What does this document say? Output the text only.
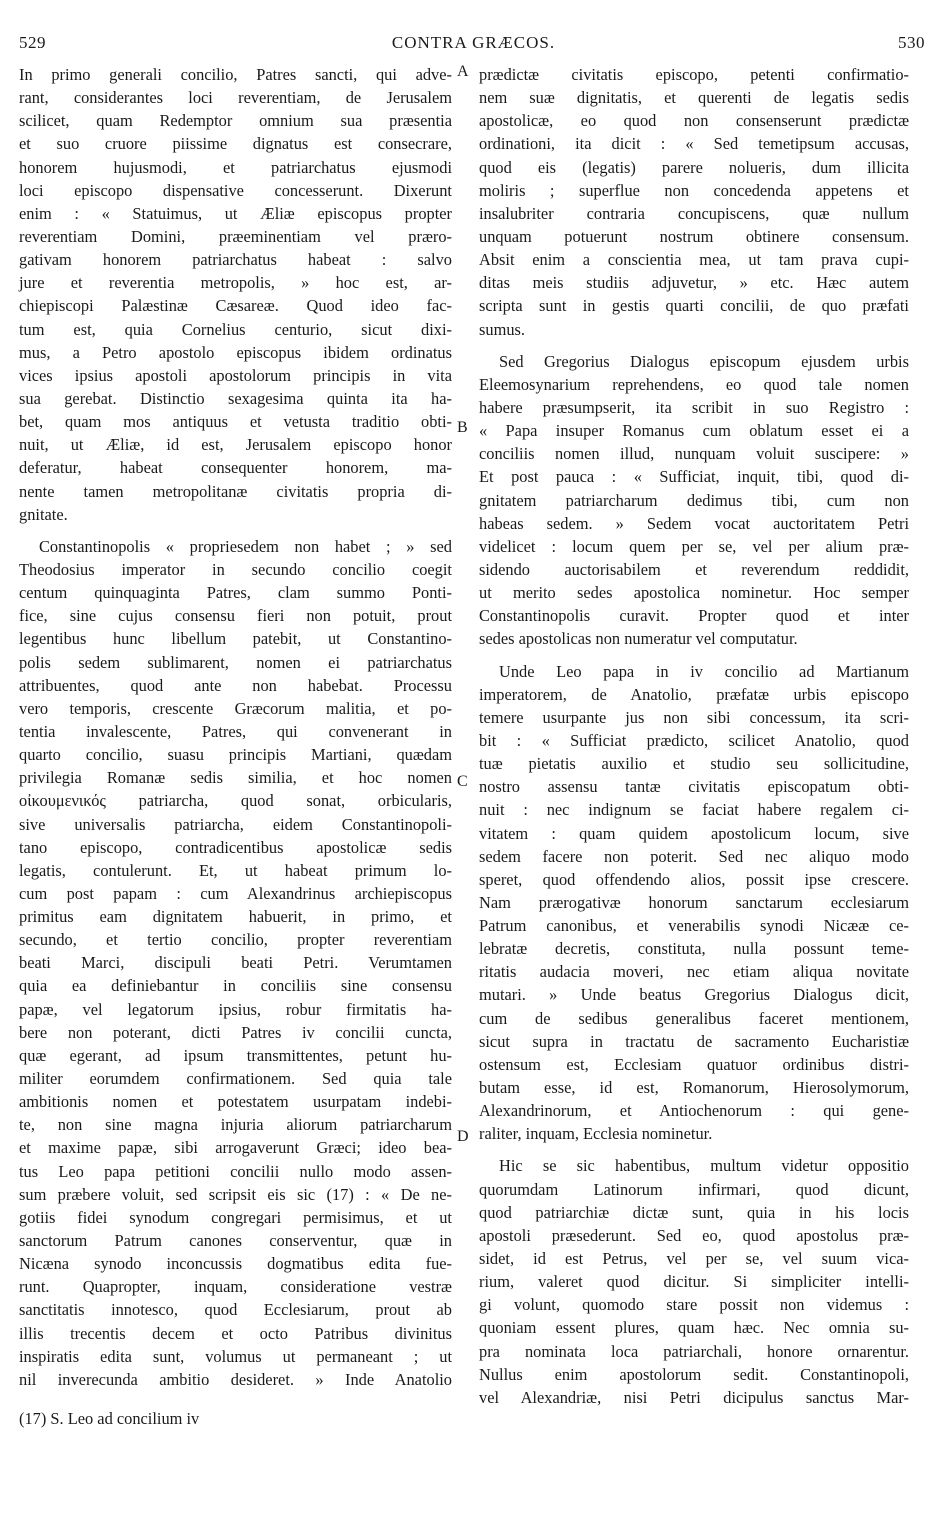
529	CONTRA GRÆCOS.	530
In primo generali concilio, Patres sancti, qui adve-
rant, considerantes loci reverentiam, de Jerusalem
scilicet, quam Redemptor omnium sua præsentia
et suo cruore piissime dignatus est consecrare,
honorem hujusmodi, et patriarchatus ejusmodi
loci episcopo dispensative concesserunt. Dixerunt
enim : « Statuimus, ut Æliæ episcopus propter
reverentiam Domini, præeminentiam vel prærо-
gativam honorem patriarchatus habeat : salvo
jure et reverentia metropolis, » hoc est, ar-
chiepiscopi Palæstinæ Cæsareæ. Quod ideo fac-
tum est, quia Cornelius centurio, sicut dixi-
mus, a Petro apostolo episcopus ibidem ordinatus
vices ipsius apostoli apostolorum principis in vita
sua gerebat. Distinctio sexagesima quinta ita ha-
bet, quam mos antiquus et vetusta traditio obti-
nuit, ut Æliæ, id est, Jerusalem episcopo honor
deferatur, habeat consequenter honorem, ma-
nente tamen metropolitanæ civitatis propria di-
gnitate.
Constantinopolis « propriesedem non habet ; » sed
Theodosius imperator in secundo concilio coegit
centum quinquaginta Patres, clam summo Ponti-
fice, sine cujus consensu fieri non potuit, prout
legentibus hunc libellum patebit, ut Constantino-
polis sedem sublimarent, nomen ei patriarchatus
attribuentes, quod ante non habebat. Processu
vero temporis, crescente Græcorum malitia, et po-
tentia invalescente, Patres, qui convenerant in
quarto concilio, suasu principis Martiani, quædam
privilegia Romanæ sedis similia, et hoc nomen
οἰκουμενικός patriarcha, quod sonat, orbicularis,
sive universalis patriarcha, eidem Constantinopoli-
tano episcopo, contradicentibus apostolicæ sedis
legatis, contulerunt. Et, ut habeat primum lo-
cum post papam : cum Alexandrinus archiepiscopus
primitus eam dignitatem habuerit, in primo, et
secundo, et tertio concilio, propter reverentiam
beati Marci, discipuli beati Petri. Verumtamen
quia ea definiebantur in conciliis sine consensu
papæ, vel legatorum ipsius, robur firmitatis ha-
bere non poterant, dicti Patres iv concilii cuncta,
quæ egerant, ad ipsum transmittentes, petunt hu-
militer eorumdem confirmationem. Sed quia tale
ambitionis nomen et potestatem usurpatam indebi-
te, non sine magna injuria aliorum patriarcharum
et maxime papæ, sibi arrogaverunt Græci; ideo bea-
tus Leo papa petitioni concilii nullo modo assen-
sum præbere voluit, sed scripsit eis sic (17) : « De ne-
gotiis fidei synodum congregari permisimus, et ut
sanctorum Patrum canones conserventur, quæ in
Nicæna synodo inconcussis dogmatibus edita fue-
runt. Quapropter, inquam, consideratione vestræ
sanctitatis innotesco, quod Ecclesiarum, prout ab
illis trecentis decem et octo Patribus divinitus
inspiratis edita sunt, volumus ut permaneant ; ut
nil inverecunda ambitio desideret. » Inde Anatolio
prædictæ civitatis episcopo, petenti confirmatio-
nem suæ dignitatis, et querenti de legatis sedis
apostolicæ, eo quod non consenserunt prædictæ
ordinationi, ita dicit : « Sed temetipsum accusas,
quod eis (legatis) parere nolueris, dum illicita
moliris ; superflue non concedenda appetens et
insalubriter contraria concupiscens, quæ nullum
unquam potuerunt nostrum obtinere consensum.
Absit enim a conscientia mea, ut tam prava cupi-
ditas meis studiis adjuvetur, » etc. Hæc autem
scripta sunt in gestis quarti concilii, de quo præfati
sumus.
Sed Gregorius Dialogus episcopum ejusdem urbis
Eleemosynarium reprehendens, eo quod tale nomen
habere præsumpserit, ita scribit in suo Registro :
« Papa insuper Romanus cum oblatum esset ei a
conciliis nomen illud, nunquam voluit suscipere: »
Et post pauca : « Sufficiat, inquit, tibi, quod di-
gnitatem patriarcharum dedimus tibi, cum non
habeas sedem. » Sedem vocat auctoritatem Petri
videlicet : locum quem per se, vel per alium præ-
sidendo auctorisabilem et reverendum reddidit,
ut merito sedes apostolica nominetur. Hoc semper
Constantinopolis curavit. Propter quod et inter
sedes apostolicas non numeratur vel computatur.
Unde Leo papa in iv concilio ad Martianum
imperatorem, de Anatolio, præfatæ urbis episcopo
temere usurpante jus non sibi concessum, ita scri-
bit : « Sufficiat prædicto, scilicet Anatolio, quod
tuæ pietatis auxilio et studio seu sollicitudine,
nostro assensu tantæ civitatis episcopatum obti-
nuit : nec indignum se faciat habere regalem ci-
vitatem : quam quidem apostolicum locum, sive
sedem facere non poterit. Sed nec aliquo modo
speret, quod offendendo alios, possit ipse crescere.
Nam prærogativæ honorum sanctarum ecclesiarum
Patrum canonibus, et venerabilis synodi Nicææ ce-
lebratæ decretis, constituta, nulla possunt teme-
ritatis audacia moveri, nec etiam aliqua novitate
mutari. » Unde beatus Gregorius Dialogus dicit,
cum de sedibus generalibus faceret mentionem,
sicut supra in tractatu de sacramento Eucharistiæ
ostensum est, Ecclesiam quatuor ordinibus distri-
butam esse, id est, Romanorum, Hierosolymorum,
Alexandrinorum, et Antiochenorum : qui gene-
raliter, inquam, Ecclesia nominetur.
Hic se sic habentibus, multum videtur oppositio
quorumdam Latinorum infirmari, quod dicunt,
quod patriarchiæ dictæ sunt, quia in his locis
apostoli præsederunt. Sed eo, quod apostolus præ-
sidet, id est Petrus, vel per se, vel suum vica-
rium, valeret quod dicitur. Si simpliciter intelli-
gi volunt, quomodo stare possit non videmus :
quoniam essent plures, quam hæc. Nec omnia su-
pra nominata loca patriarchali, honore ornarentur.
Nullus enim apostolorum sedit. Constantinopoli,
vel Alexandriæ, nisi Petri dicipulus sanctus Mar-
A
B
C
D
(17) S. Leo ad concilium iv
